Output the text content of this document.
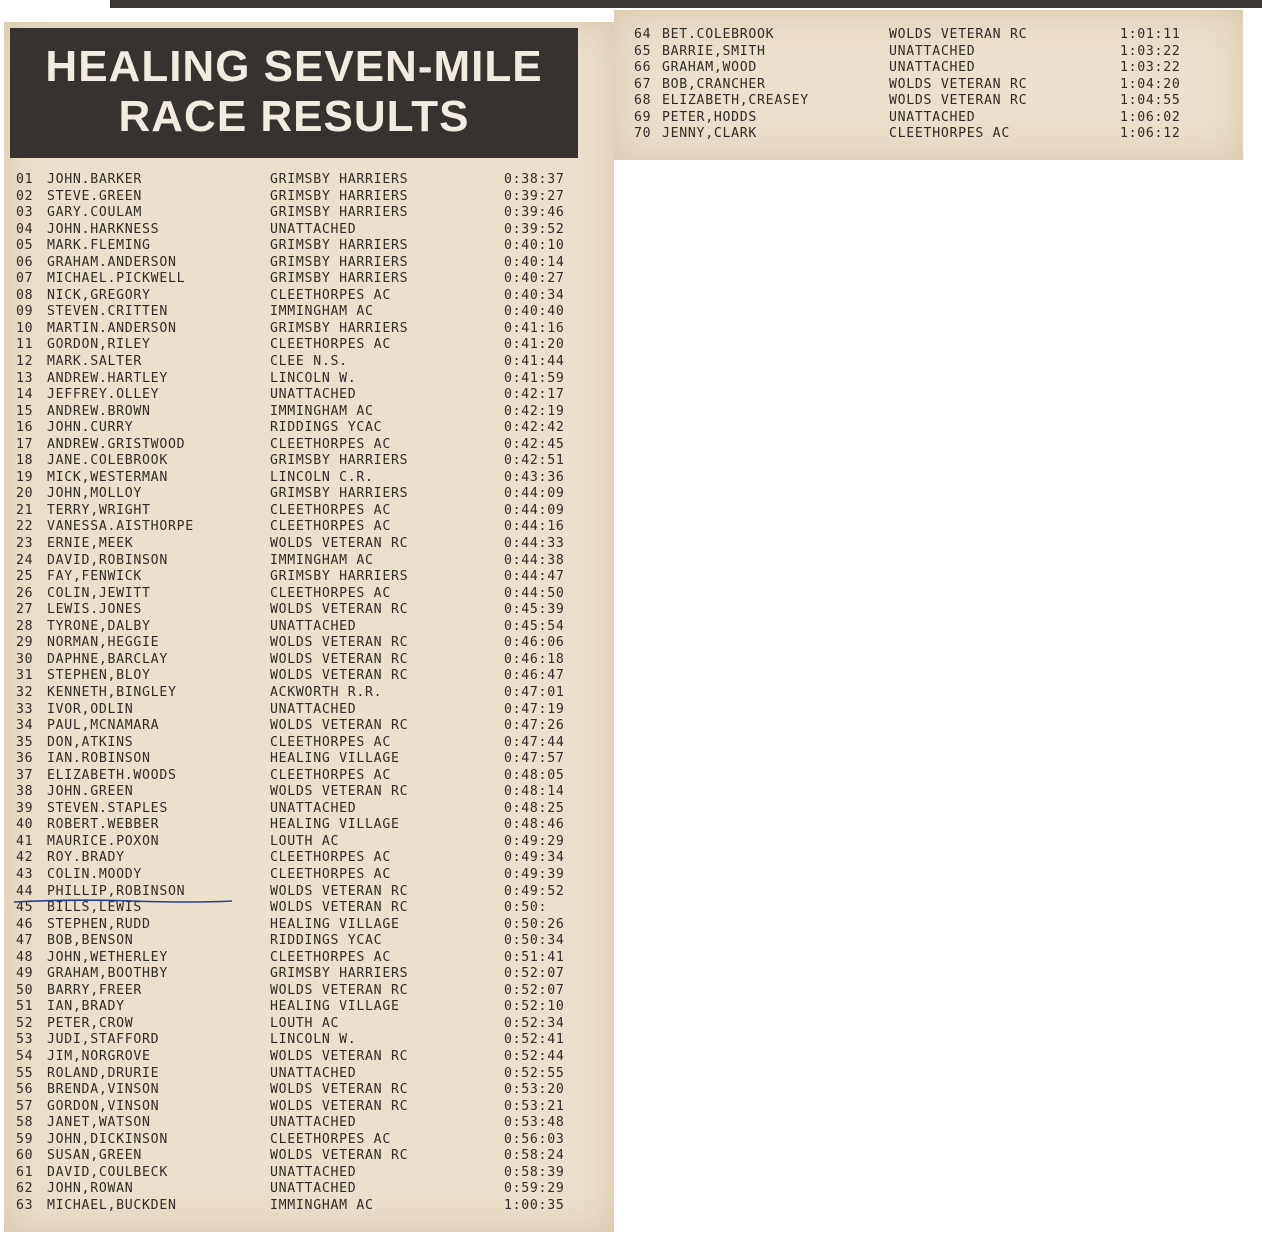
HEALING SEVEN-MILE
RACE RESULTS
01 JOHN.BARKER	GRIMSBY HARRIERS	0:38:37
02 STEVE.GREEN	GRIMSBY HARRIERS	0:39:27
03 GARY.COULAM	GRIMSBY HARRIERS	0:39:46
04 JOHN.HARKNESS	UNATTACHED	0:39:52
05 MARK.FLEMING	GRIMSBY HARRIERS	0:40:10
06 GRAHAM.ANDERSON	GRIMSBY HARRIERS	0:40:14
07 MICHAEL.PICKWELL	GRIMSBY HARRIERS	0:40:27
08 NICK,GREGORY	CLEETHORPES AC	0:40:34
09 STEVEN.CRITTEN	IMMINGHAM AC	0:40:40
10 MARTIN.ANDERSON	GRIMSBY HARRIERS	0:41:16
11 GORDON,RILEY	CLEETHORPES AC	0:41:20
12 MARK.SALTER	CLEE N.S.	0:41:44
13 ANDREW.HARTLEY	LINCOLN W.	0:41:59
14 JEFFREY.OLLEY	UNATTACHED	0:42:17
15 ANDREW.BROWN	IMMINGHAM AC	0:42:19
16 JOHN.CURRY	RIDDINGS YCAC	0:42:42
17 ANDREW.GRISTWOOD	CLEETHORPES AC	0:42:45
18 JANE.COLEBROOK	GRIMSBY HARRIERS	0:42:51
19 MICK,WESTERMAN	LINCOLN C.R.	0:43:36
20 JOHN,MOLLOY	GRIMSBY HARRIERS	0:44:09
21 TERRY,WRIGHT	CLEETHORPES AC	0:44:09
22 VANESSA.AISTHORPE	CLEETHORPES AC	0:44:16
23 ERNIE,MEEK	WOLDS VETERAN RC	0:44:33
24 DAVID,ROBINSON	IMMINGHAM AC	0:44:38
25 FAY,FENWICK	GRIMSBY HARRIERS	0:44:47
26 COLIN,JEWITT	CLEETHORPES AC	0:44:50
27 LEWIS.JONES	WOLDS VETERAN RC	0:45:39
28 TYRONE,DALBY	UNATTACHED	0:45:54
29 NORMAN,HEGGIE	WOLDS VETERAN RC	0:46:06
30 DAPHNE,BARCLAY	WOLDS VETERAN RC	0:46:18
31 STEPHEN,BLOY	WOLDS VETERAN RC	0:46:47
32 KENNETH,BINGLEY	ACKWORTH R.R.	0:47:01
33 IVOR,ODLIN	UNATTACHED	0:47:19
34 PAUL,MCNAMARA	WOLDS VETERAN RC	0:47:26
35 DON,ATKINS	CLEETHORPES AC	0:47:44
36 IAN.ROBINSON	HEALING VILLAGE	0:47:57
37 ELIZABETH.WOODS	CLEETHORPES AC	0:48:05
38 JOHN.GREEN	WOLDS VETERAN RC	0:48:14
39 STEVEN.STAPLES	UNATTACHED	0:48:25
40 ROBERT.WEBBER	HEALING VILLAGE	0:48:46
41 MAURICE.POXON	LOUTH AC	0:49:29
42 ROY.BRADY	CLEETHORPES AC	0:49:34
43 COLIN.MOODY	CLEETHORPES AC	0:49:39
44 PHILLIP,ROBINSON	WOLDS VETERAN RC	0:49:52
45 BILLS,LEWIS	WOLDS VETERAN RC	0:50:
46 STEPHEN,RUDD	HEALING VILLAGE	0:50:26
47 BOB,BENSON	RIDDINGS YCAC	0:50:34
48 JOHN,WETHERLEY	CLEETHORPES AC	0:51:41
49 GRAHAM,BOOTHBY	GRIMSBY HARRIERS	0:52:07
50 BARRY,FREER	WOLDS VETERAN RC	0:52:07
51 IAN,BRADY	HEALING VILLAGE	0:52:10
52 PETER,CROW	LOUTH AC	0:52:34
53 JUDI,STAFFORD	LINCOLN W.	0:52:41
54 JIM,NORGROVE	WOLDS VETERAN RC	0:52:44
55 ROLAND,DRURIE	UNATTACHED	0:52:55
56 BRENDA,VINSON	WOLDS VETERAN RC	0:53:20
57 GORDON,VINSON	WOLDS VETERAN RC	0:53:21
58 JANET,WATSON	UNATTACHED	0:53:48
59 JOHN,DICKINSON	CLEETHORPES AC	0:56:03
60 SUSAN,GREEN	WOLDS VETERAN RC	0:58:24
61 DAVID,COULBECK	UNATTACHED	0:58:39
62 JOHN,ROWAN	UNATTACHED	0:59:29
63 MICHAEL,BUCKDEN	IMMINGHAM AC	1:00:35
64 BET.COLEBROOK	WOLDS VETERAN RC	1:01:11
65 BARRIE,SMITH	UNATTACHED	1:03:22
66 GRAHAM,WOOD	UNATTACHED	1:03:22
67 BOB,CRANCHER	WOLDS VETERAN RC	1:04:20
68 ELIZABETH,CREASEY	WOLDS VETERAN RC	1:04:55
69 PETER,HODDS	UNATTACHED	1:06:02
70 JENNY,CLARK	CLEETHORPES AC	1:06:12
